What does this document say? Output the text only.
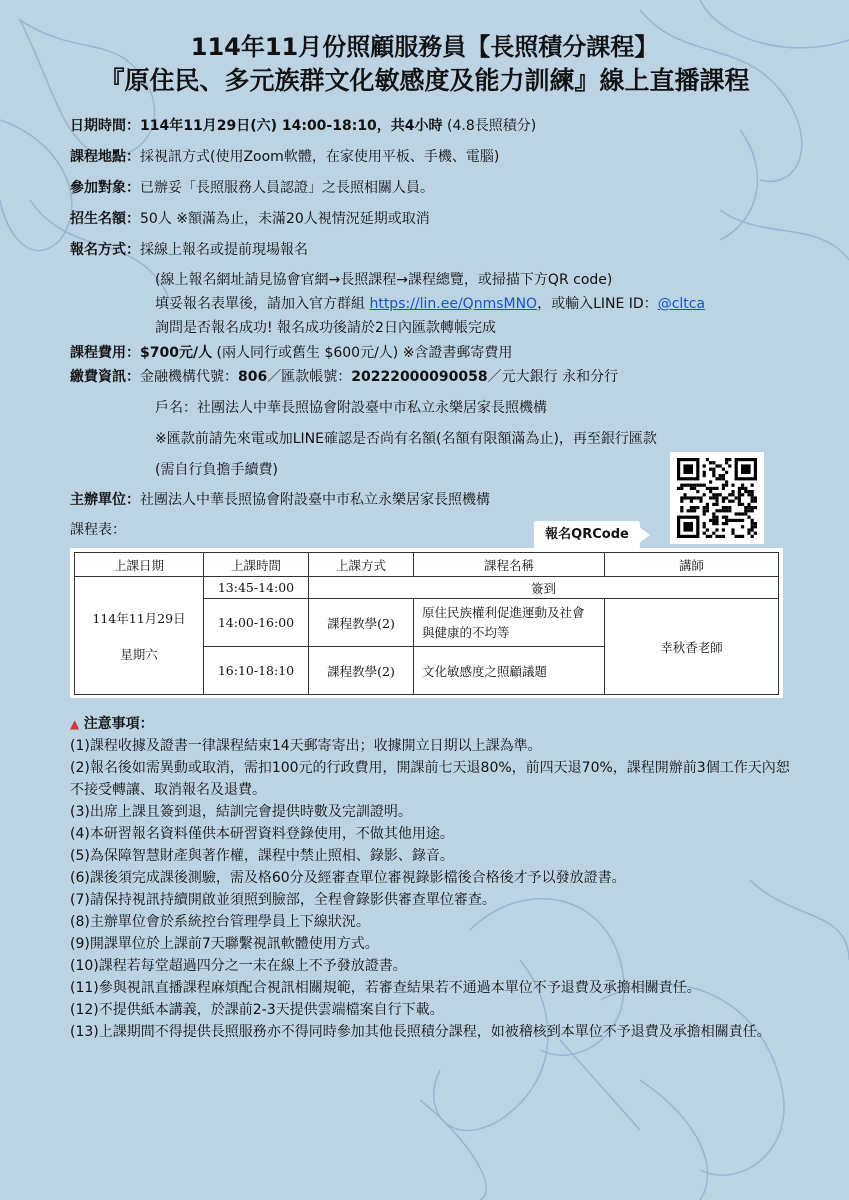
114年11月份照顧服務員【長照積分課程】
『原住民、多元族群文化敏感度及能力訓練』線上直播課程
日期時間：114年11月29日(六) 14:00-18:10，共4小時 (4.8長照積分)
課程地點：採視訊方式(使用Zoom軟體，在家使用平板、手機、電腦)
參加對象：已辦妥「長照服務人員認證」之長照相關人員。
招生名額：50人 ※額滿為止，未滿20人視情況延期或取消
報名方式：採線上報名或提前現場報名
(線上報名網址請見協會官網→長照課程→課程總覽，或掃描下方QR code)
填妥報名表單後，請加入官方群組 https://lin.ee/QnmsMNO，或輸入LINE ID：@cltca
詢問是否報名成功! 報名成功後請於2日內匯款轉帳完成
課程費用：$700元/人 (兩人同行或舊生 $600元/人) ※含證書郵寄費用
繳費資訊：金融機構代號：806／匯款帳號：20222000090058／元大銀行 永和分行
戶名：社團法人中華長照協會附設臺中市私立永樂居家長照機構
※匯款前請先來電或加LINE確認是否尚有名額(名額有限額滿為止)，再至銀行匯款
(需自行負擔手續費)
主辦單位：社團法人中華長照協會附設臺中市私立永樂居家長照機構
課程表：	報名QRCode
上課日期	上課時間	上課方式	課程名稱	講師

114年11月29日
星期六	13:45-14:00	簽到		
	14:00-16:00	課程教學(2)	原住民族權利促進運動及社會與健康的不均等	幸秋香老師
	16:10-18:10	課程教學(2)	文化敏感度之照顧議題	

▲ 注意事項：

(1)課程收據及證書一律課程結束14天郵寄寄出；收據開立日期以上課為準。

(2)報名後如需異動或取消，需扣100元的行政費用，開課前七天退80%，前四天退70%，課程開辦前3個工作天內恕不接受轉讓、取消報名及退費。

(3)出席上課且簽到退，結訓完會提供時數及完訓證明。

(4)本研習報名資料僅供本研習資料登錄使用，不做其他用途。

(5)為保障智慧財產與著作權，課程中禁止照相、錄影、錄音。

(6)課後須完成課後測驗，需及格60分及經審查單位審視錄影檔後合格後才予以發放證書。

(7)請保持視訊持續開啟並須照到臉部，全程會錄影供審查單位審查。

(8)主辦單位會於系統控台管理學員上下線狀況。

(9)開課單位於上課前7天聯繫視訊軟體使用方式。

(10)課程若每堂超過四分之一未在線上不予發放證書。

(11)參與視訊直播課程麻煩配合視訊相關規範，若審查結果若不通過本單位不予退費及承擔相關責任。

(12)不提供紙本講義，於課前2-3天提供雲端檔案自行下載。

(13)上課期間不得提供長照服務亦不得同時參加其他長照積分課程，如被稽核到本單位不予退費及承擔相關責任。
